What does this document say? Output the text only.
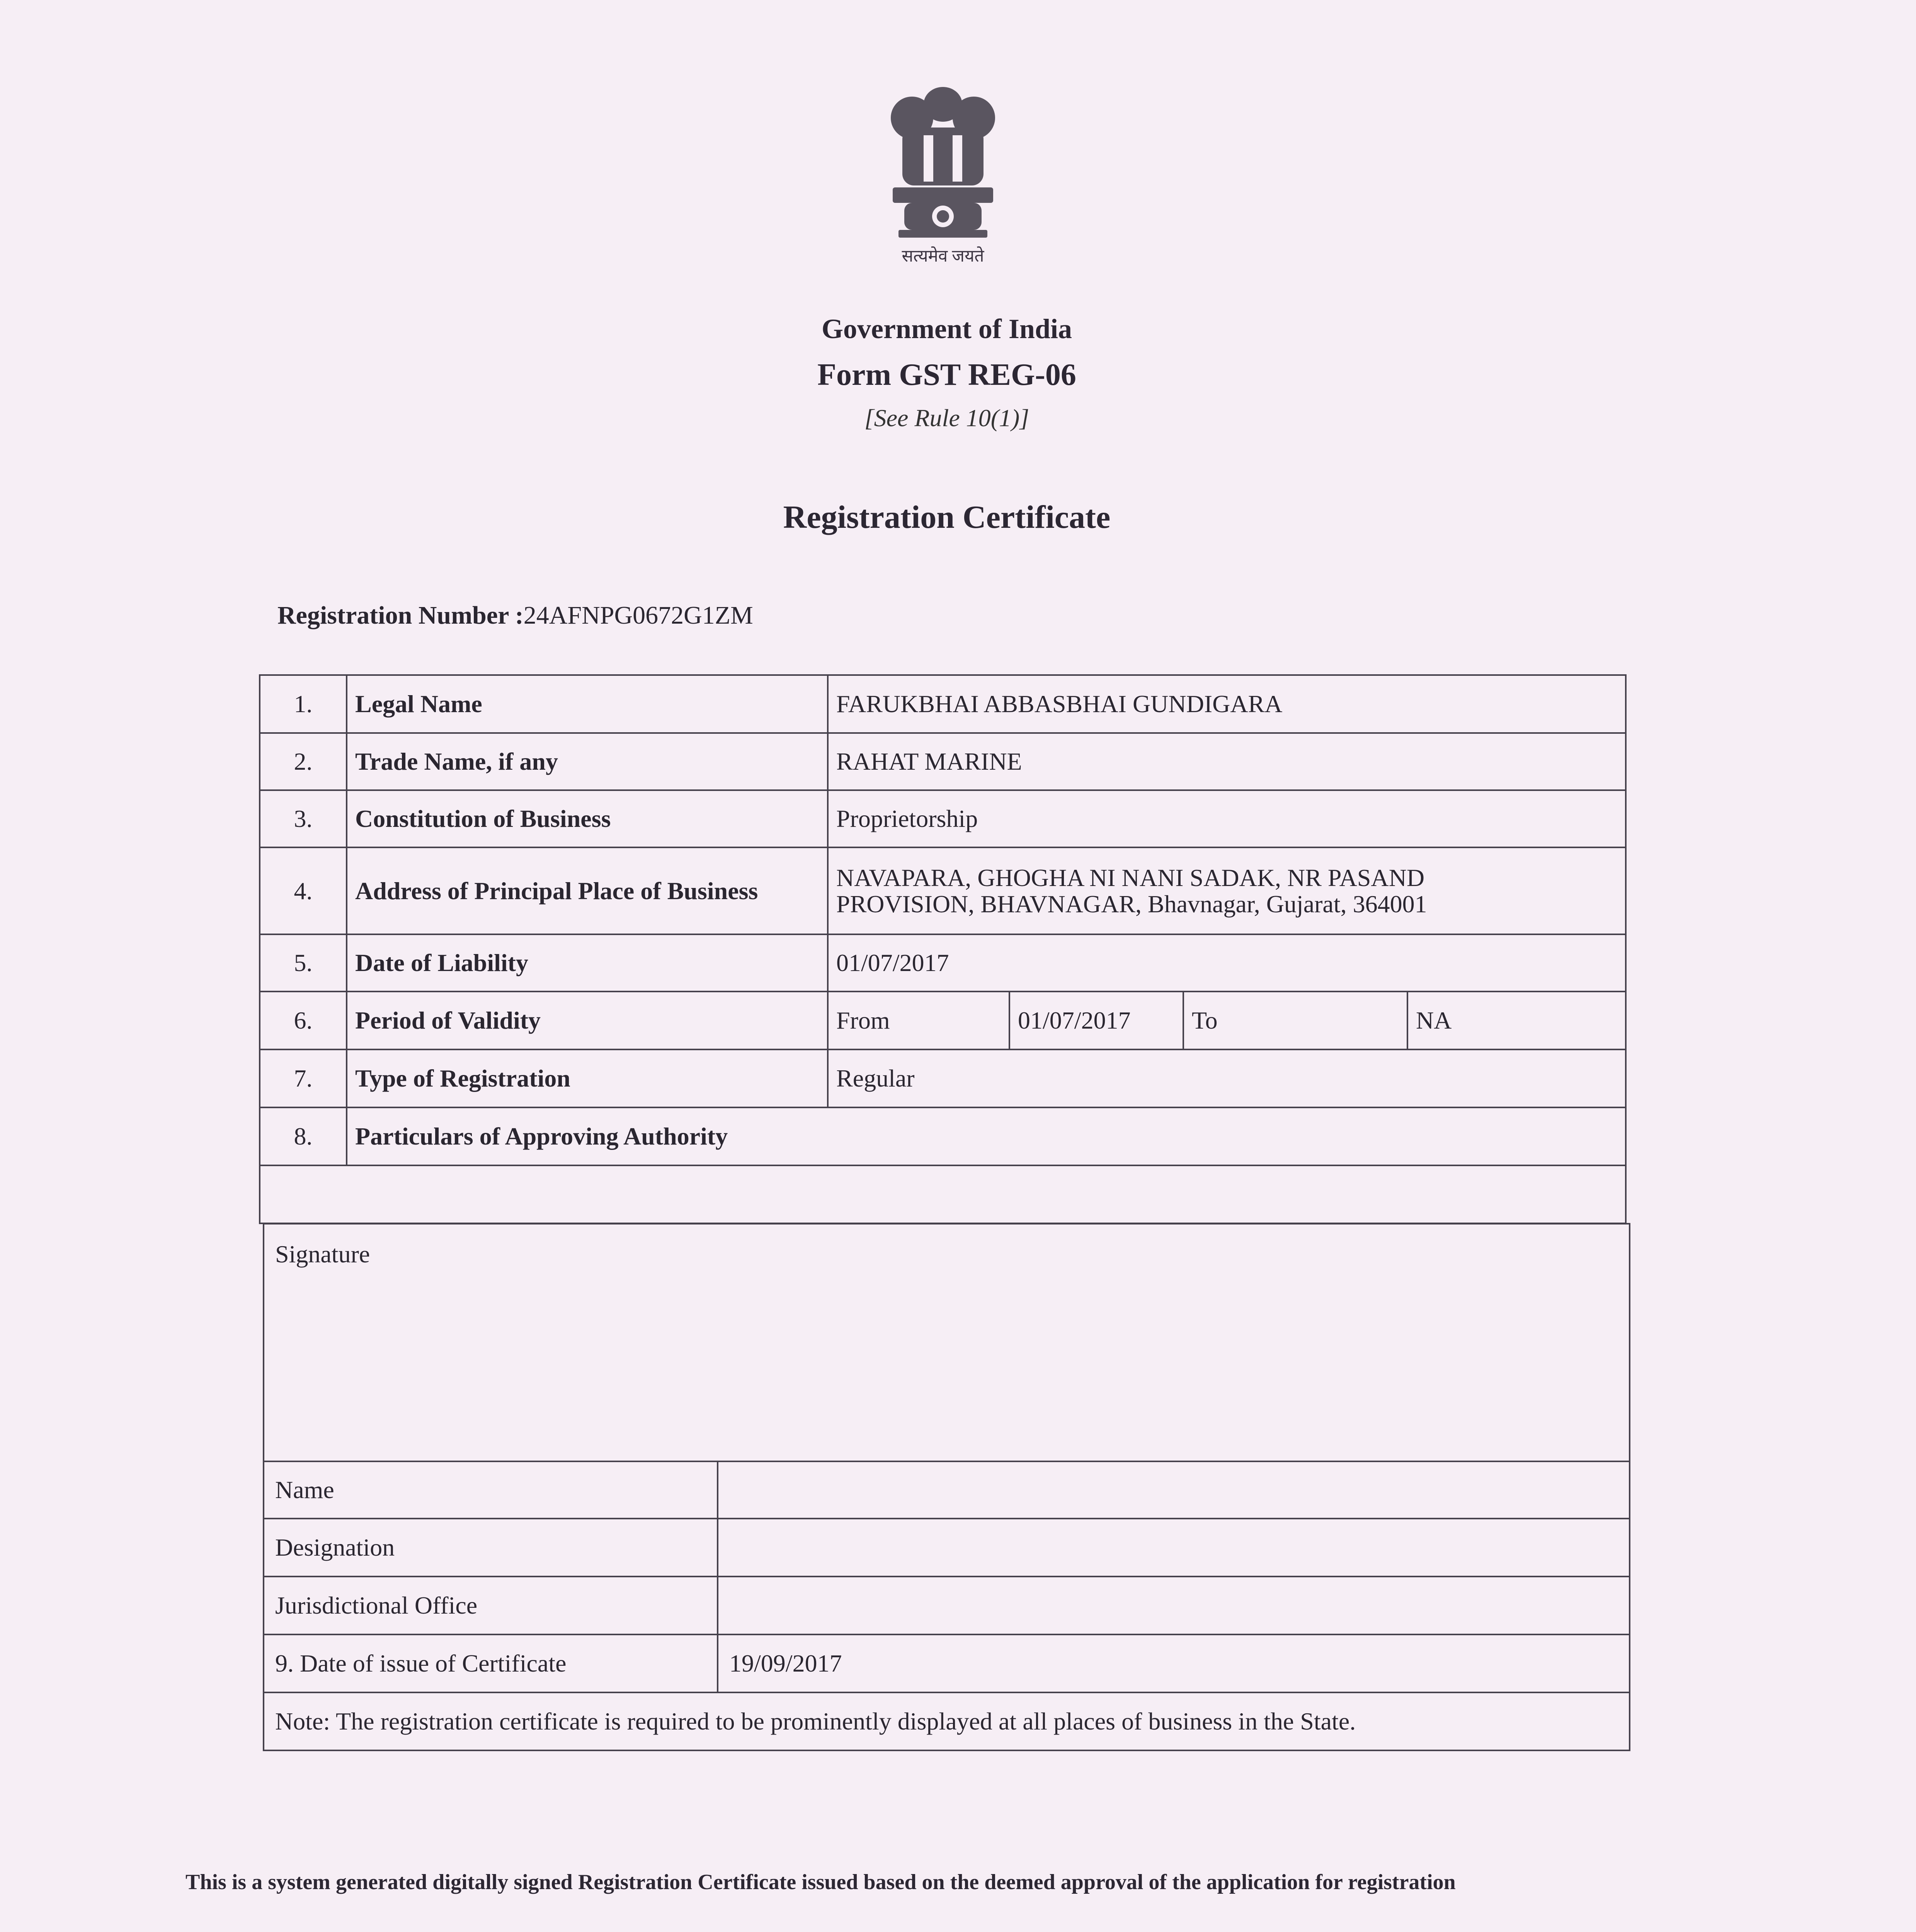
सत्यमेव जयते
Government of India
Form GST REG-06
[See Rule 10(1)]
Registration Certificate
Registration Number :24AFNPG0672G1ZM
1.	Legal Name	FARUKBHAI ABBASBHAI GUNDIGARA			
2.	Trade Name, if any	RAHAT MARINE			
3.	Constitution of Business	Proprietorship			
4.	Address of Principal Place of Business	NAVAPARA, GHOGHA NI NANI SADAK, NR PASAND
PROVISION, BHAVNAGAR, Bhavnagar, Gujarat, 364001			

5.	Date of Liability	01/07/2017			
6.	Period of Validity	From	01/07/2017	To	NA
7.	Type of Registration	Regular			
8.	Particulars of Approving Authority				

Signature	
Name	
Designation	
Jurisdictional Office	
9. Date of issue of Certificate	19/09/2017
Note: The registration certificate is required to be prominently displayed at all places of business in the State.	
This is a system generated digitally signed Registration Certificate issued based on the deemed approval of the application for registration
